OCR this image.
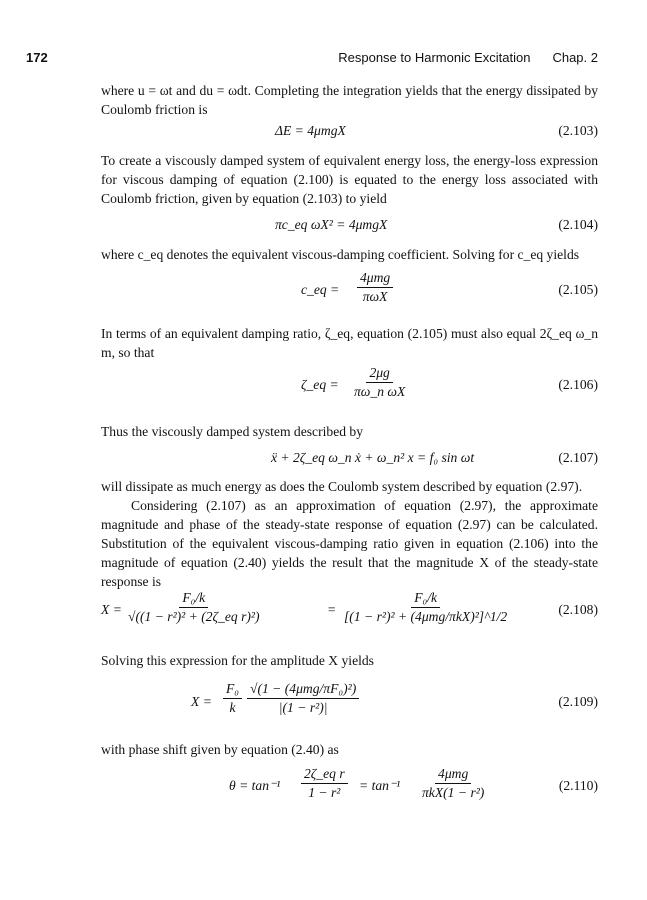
172	Response to Harmonic Excitation Chap. 2
where u = ωt and du = ωdt. Completing the integration yields that the energy dissipated by Coulomb friction is
ΔE = 4μmgX	(2.103)
To create a viscously damped system of equivalent energy loss, the energy-loss expression for viscous damping of equation (2.100) is equated to the energy loss associated with Coulomb friction, given by equation (2.103) to yield
πc_eq ωX² = 4μmgX	(2.104)
where c_eq denotes the equivalent viscous-damping coefficient. Solving for c_eq yields
c_eq =
4μmg
πωX	(2.105)
In terms of an equivalent damping ratio, ζ_eq, equation (2.105) must also equal 2ζ_eq ω_n m, so that
ζ_eq = $\frac{2\mu g}{\text{πω\_n ωX}}$	(2.106)
Thus the viscously damped system described by
ẍ + 2ζ_eq ω_n ẋ + ω_n² x = f₀ sin ωt	(2.107)
will dissipate as much energy as does the Coulomb system described by equation (2.97).
Considering (2.107) as an approximation of equation (2.97), the approximate magnitude and phase of the steady-state response of equation (2.97) can be calculated. Substitution of the equivalent viscous-damping ratio given in equation (2.106) into the magnitude of equation (2.40) yields the result that the magnitude X of the steady-state response is
$X = \frac{\text{F₀/k}}{\text{√((1 − r²)² + (2ζ\_eq r)²)}}$	=
F₀/k
[(1 − r²)² + (4μmg/πkX)²]^1/2	(2.108)
Solving this expression for the amplitude X yields
$X = \frac{\text{F₀}}{k} √(1 - (4\mu mg/\pi F_0)^2)$
|(1 − r²)|	(2.109)
with phase shift given by equation (2.40) as
$\theta = \tan^{-1} \frac{\text{2ζ\_eq r}}{\text{1 − r²}} = \tan^{-1}$
4μmg
πkX(1 − r²)	(2.110)
